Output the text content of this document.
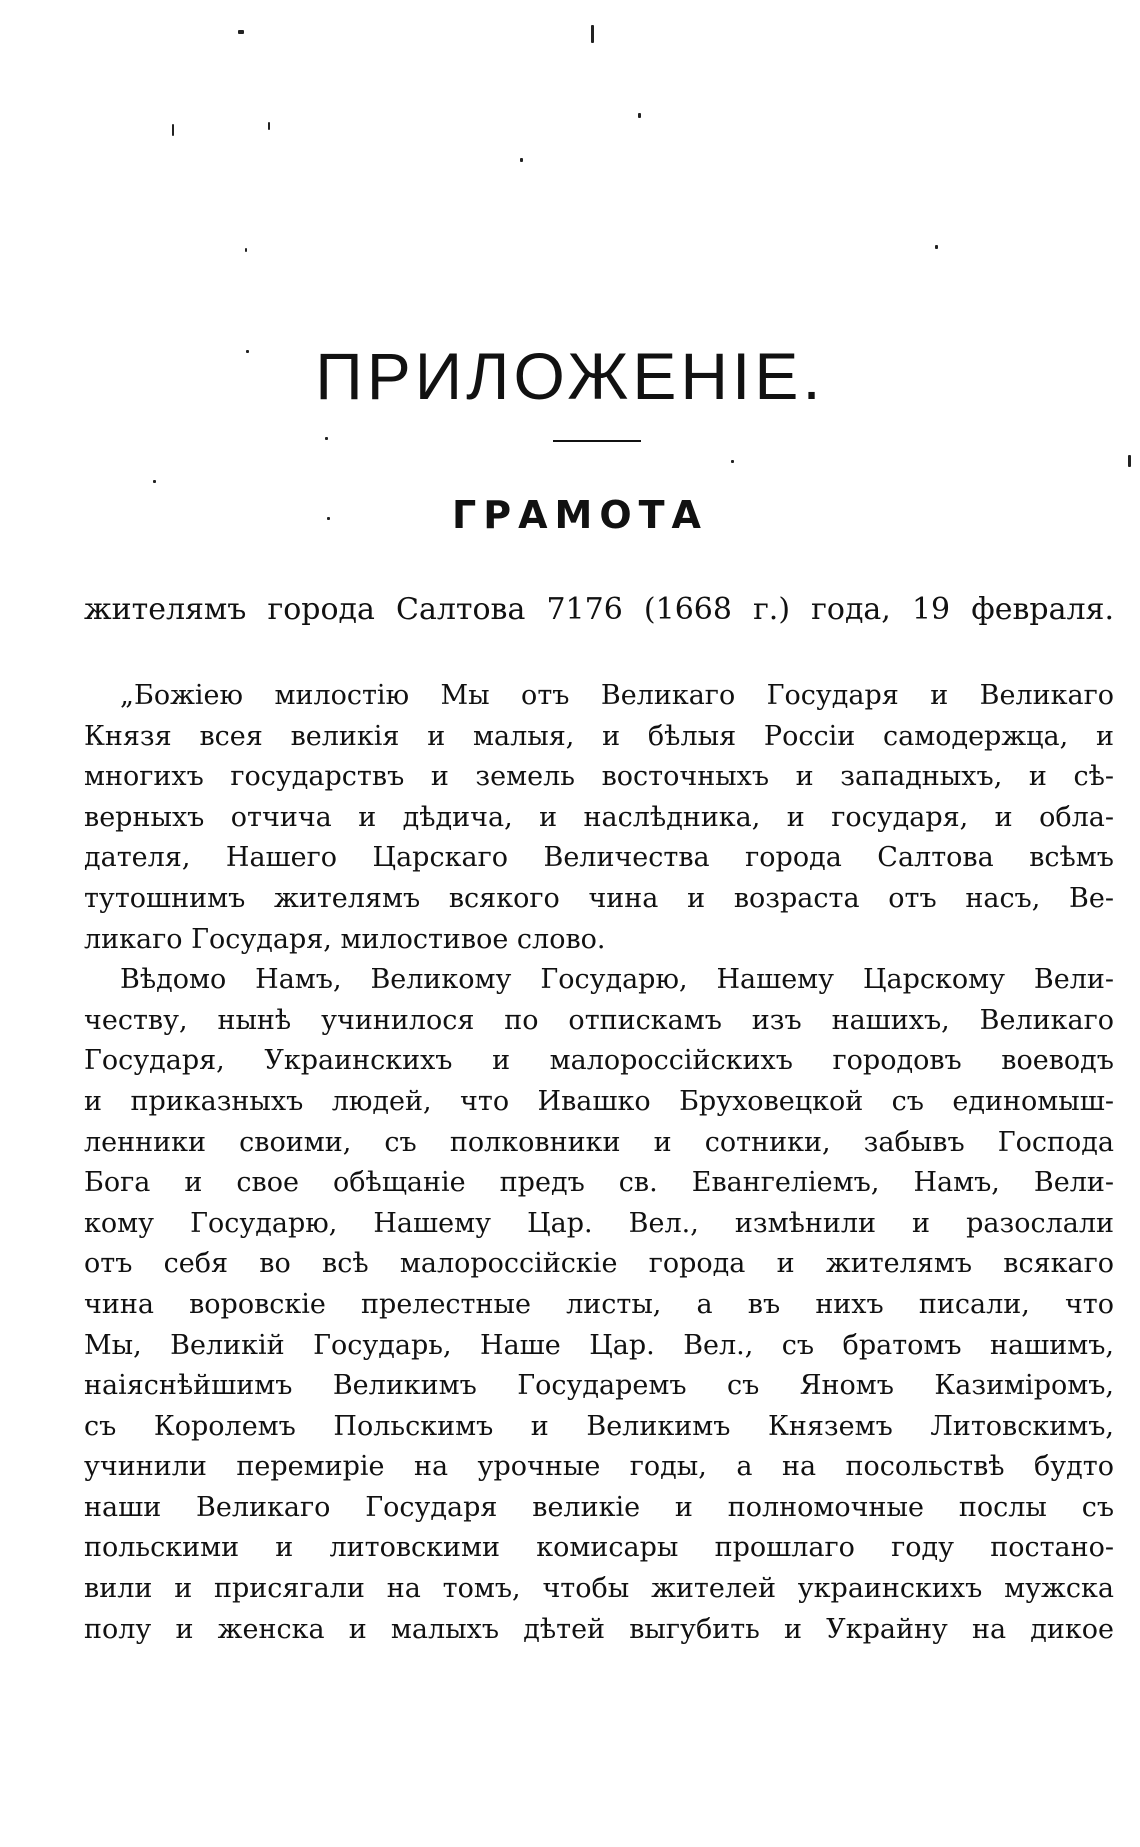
ПРИЛОЖЕНІЕ.
ГРАМОТА
жителямъ города Салтова 7176 (1668 г.) года, 19 февраля.
„Божіею милостію Мы отъ Великаго Государя и Великаго
Князя всея великія и малыя, и бѣлыя Россіи самодержца, и
многихъ государствъ и земель восточныхъ и западныхъ, и сѣ-
верныхъ отчича и дѣдича, и наслѣдника, и государя, и обла-
дателя, Нашего Царскаго Величества города Салтова всѣмъ
тутошнимъ жителямъ всякого чина и возраста отъ насъ, Ве-
ликаго Государя, милостивое слово.
Вѣдомо Намъ, Великому Государю, Нашему Царскому Вели-
честву, нынѣ учинилося по отпискамъ изъ нашихъ, Великаго
Государя, Украинскихъ и малороссійскихъ городовъ воеводъ
и приказныхъ людей, что Ивашко Бруховецкой съ единомыш-
ленники своими, съ полковники и сотники, забывъ Господа
Бога и свое обѣщаніе предъ св. Евангеліемъ, Намъ, Вели-
кому Государю, Нашему Цар. Вел., измѣнили и разослали
отъ себя во всѣ малороссійскіе города и жителямъ всякаго
чина воровскіе прелестные листы, а въ нихъ писали, что
Мы, Великій Государь, Наше Цар. Вел., съ братомъ нашимъ,
наіяснѣйшимъ Великимъ Государемъ съ Яномъ Казиміромъ,
съ Королемъ Польскимъ и Великимъ Княземъ Литовскимъ,
учинили перемиріе на урочные годы, а на посольствѣ будто
наши Великаго Государя великіе и полномочные послы съ
польскими и литовскими комисары прошлаго году постано-
вили и присягали на томъ, чтобы жителей украинскихъ мужска
полу и женска и малыхъ дѣтей выгубить и Украйну на дикое
